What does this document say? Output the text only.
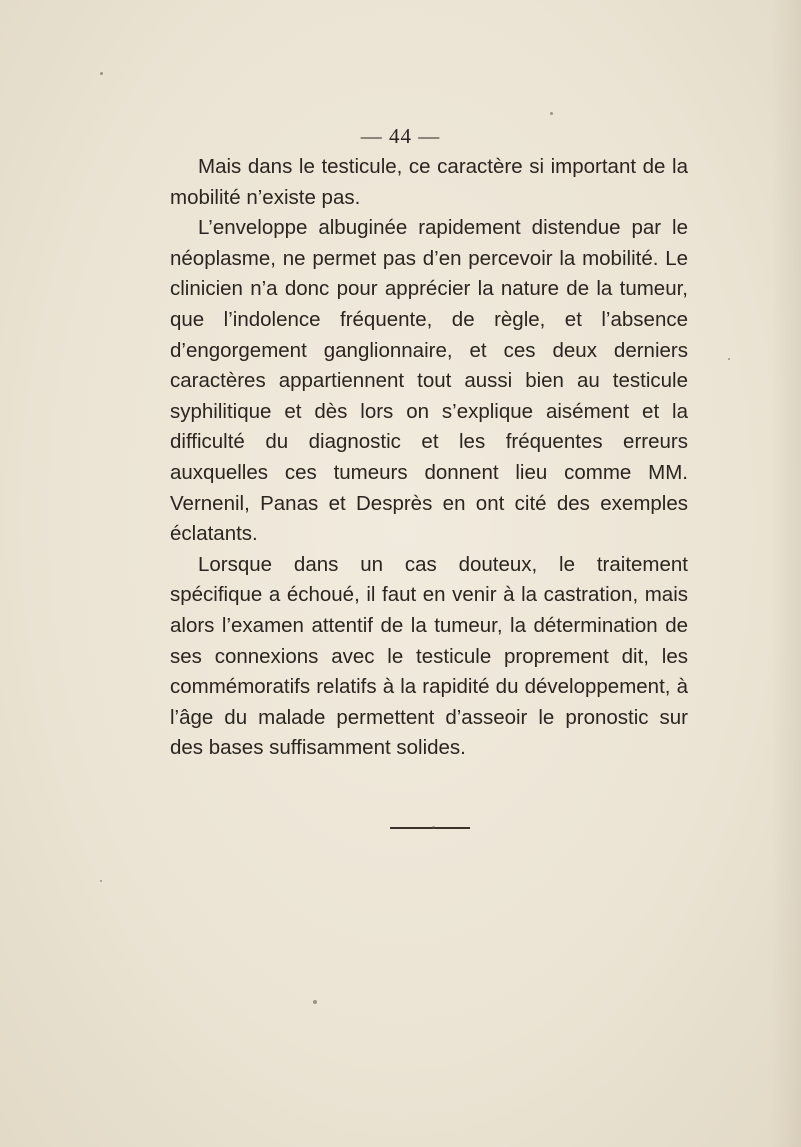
— 44 —

Mais dans le testicule, ce caractère si important de la mobilité n’existe pas.

L’enveloppe albuginée rapidement distendue par le néoplasme, ne permet pas d’en percevoir la mobilité. Le clinicien n’a donc pour apprécier la nature de la tumeur, que l’indolence fréquente, de règle, et l’absence d’engorgement ganglionnaire, et ces deux derniers caractères appartiennent tout aussi bien au testicule syphilitique et dès lors on s’explique aisément et la difficulté du diagnostic et les fréquentes erreurs auxquelles ces tumeurs donnent lieu comme MM. Vernenil, Panas et Desprès en ont cité des exemples éclatants.

Lorsque dans un cas douteux, le traitement spécifique a échoué, il faut en venir à la castration, mais alors l’examen attentif de la tumeur, la détermination de ses connexions avec le testicule proprement dit, les commémoratifs relatifs à la rapidité du développement, à l’âge du malade permettent d’asseoir le pronostic sur des bases suffisamment solides.
